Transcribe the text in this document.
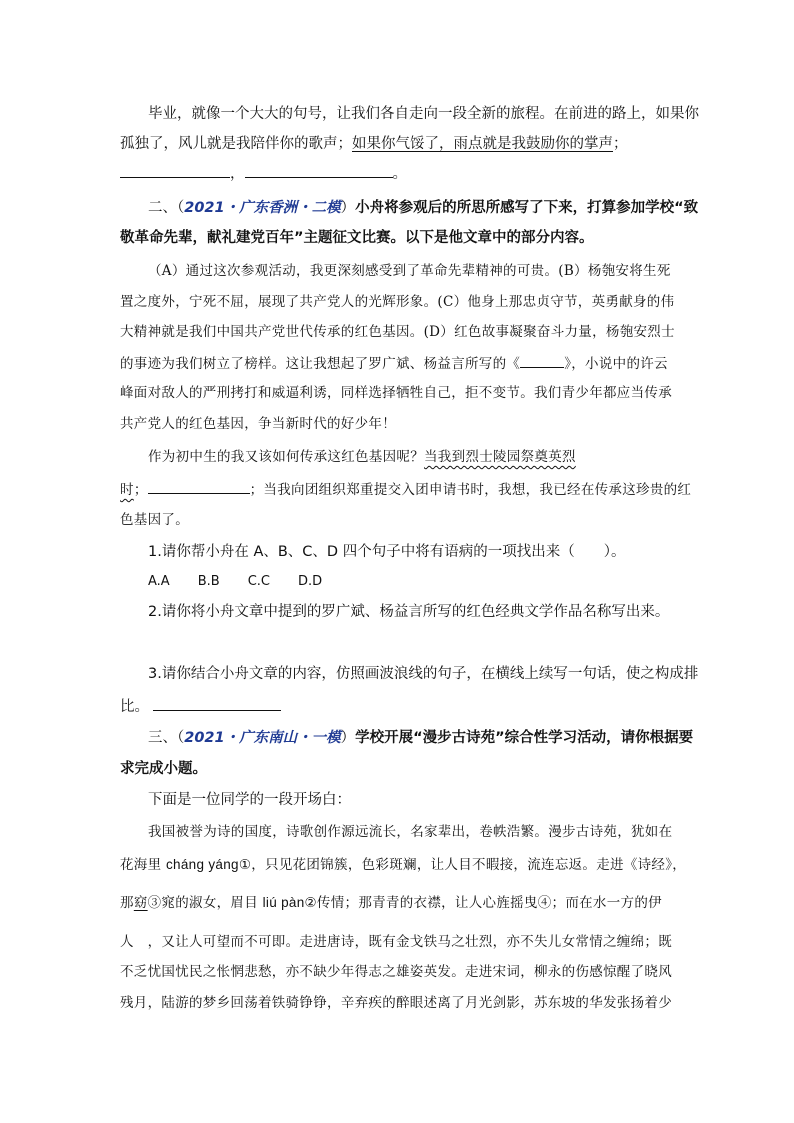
毕业，就像一个大大的句号，让我们各自走向一段全新的旅程。在前进的路上，如果你
孤独了，风儿就是我陪伴你的歌声；如果你气馁了，雨点就是我鼓励你的掌声；
，	。
二、（2021・广东香洲・二模）小舟将参观后的所思所感写了下来，打算参加学校“致
敬革命先辈，献礼建党百年”主题征文比赛。以下是他文章中的部分内容。
（A）通过这次参观活动，我更深刻感受到了革命先辈精神的可贵。(B）杨匏安将生死
置之度外，宁死不屈，展现了共产党人的光辉形象。(C）他身上那忠贞守节，英勇献身的伟
大精神就是我们中国共产党世代传承的红色基因。(D）红色故事凝聚奋斗力量，杨匏安烈士
的事迹为我们树立了榜样。这让我想起了罗广斌、杨益言所写的《	》，小说中的许云
峰面对敌人的严刑拷打和威逼利诱，同样选择牺牲自己，拒不变节。我们青少年都应当传承
共产党人的红色基因，争当新时代的好少年！
作为初中生的我又该如何传承这红色基因呢？当我到烈士陵园祭奠英烈
时；	；当我向团组织郑重提交入团申请书时，我想，我已经在传承这珍贵的红
色基因了。
1.请你帮小舟在 A、B、C、D 四个句子中将有语病的一项找出来（　　）。
A.A B.B C.C D.D
2.请你将小舟文章中提到的罗广斌、杨益言所写的红色经典文学作品名称写出来。
3.请你结合小舟文章的内容，仿照画波浪线的句子，在横线上续写一句话，使之构成排
比。
三、（2021・广东南山・一模）学校开展“漫步古诗苑”综合性学习活动，请你根据要
求完成小题。
下面是一位同学的一段开场白：
我国被誉为诗的国度，诗歌创作源远流长，名家辈出，卷帙浩繁。漫步古诗苑，犹如在
花海里 cháng yáng①，只见花团锦簇，色彩斑斓，让人目不暇接，流连忘返。走进《诗经》，
那窈③窕的淑女，眉目 liú pàn②传情；那青青的衣襟，让人心旌摇曳④；而在水一方的伊
人　，又让人可望而不可即。走进唐诗，既有金戈铁马之壮烈，亦不失儿女常情之缠绵；既
不乏忧国忧民之怅惘悲愁，亦不缺少年得志之雄姿英发。走进宋词，柳永的伤感惊醒了晓风
残月，陆游的梦乡回荡着铁骑铮铮，辛弃疾的醉眼述离了月光剑影，苏东坡的华发张扬着少
